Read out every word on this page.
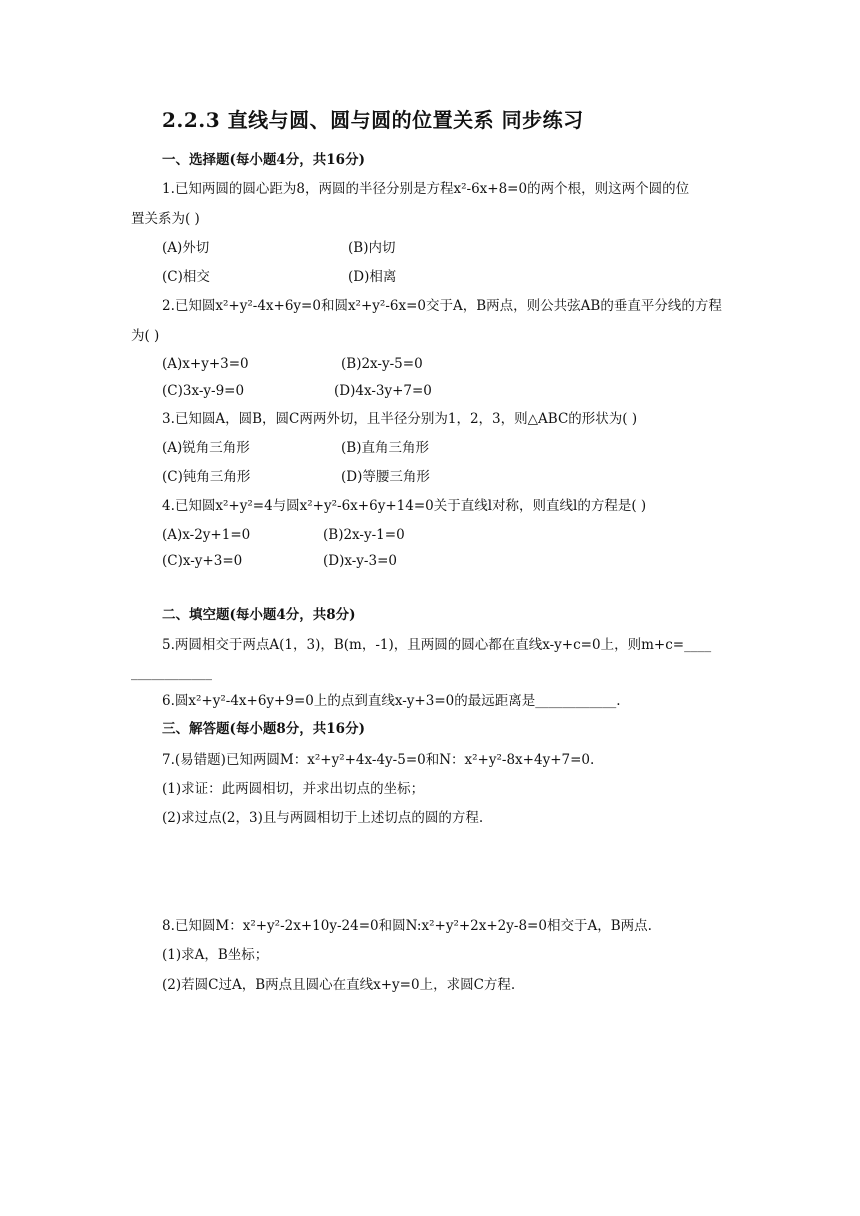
2.2.3 直线与圆、圆与圆的位置关系 同步练习
一、选择题(每小题4分，共16分)
1.已知两圆的圆心距为8，两圆的半径分别是方程x²-6x+8=0的两个根，则这两个圆的位
置关系为( )
(A)外切	(B)内切
(C)相交	(D)相离
2.已知圆x²+y²-4x+6y=0和圆x²+y²-6x=0交于A，B两点，则公共弦AB的垂直平分线的方程
为( )
(A)x+y+3=0	(B)2x-y-5=0
(C)3x-y-9=0	(D)4x-3y+7=0
3.已知圆A，圆B，圆C两两外切，且半径分别为1，2，3，则△ABC的形状为( )
(A)锐角三角形	(B)直角三角形
(C)钝角三角形	(D)等腰三角形
4.已知圆x²+y²=4与圆x²+y²-6x+6y+14=0关于直线l对称，则直线l的方程是( )
(A)x-2y+1=0	(B)2x-y-1=0
(C)x-y+3=0	(D)x-y-3=0
二、填空题(每小题4分，共8分)
5.两圆相交于两点A(1，3)，B(m，-1)，且两圆的圆心都在直线x-y+c=0上，则m+c=____
____________
6.圆x²+y²-4x+6y+9=0上的点到直线x-y+3=0的最远距离是____________.
三、解答题(每小题8分，共16分)
7.(易错题)已知两圆M：x²+y²+4x-4y-5=0和N：x²+y²-8x+4y+7=0.
(1)求证：此两圆相切，并求出切点的坐标；
(2)求过点(2，3)且与两圆相切于上述切点的圆的方程.
8.已知圆M：x²+y²-2x+10y-24=0和圆N:x²+y²+2x+2y-8=0相交于A，B两点.
(1)求A，B坐标；
(2)若圆C过A，B两点且圆心在直线x+y=0上，求圆C方程.
